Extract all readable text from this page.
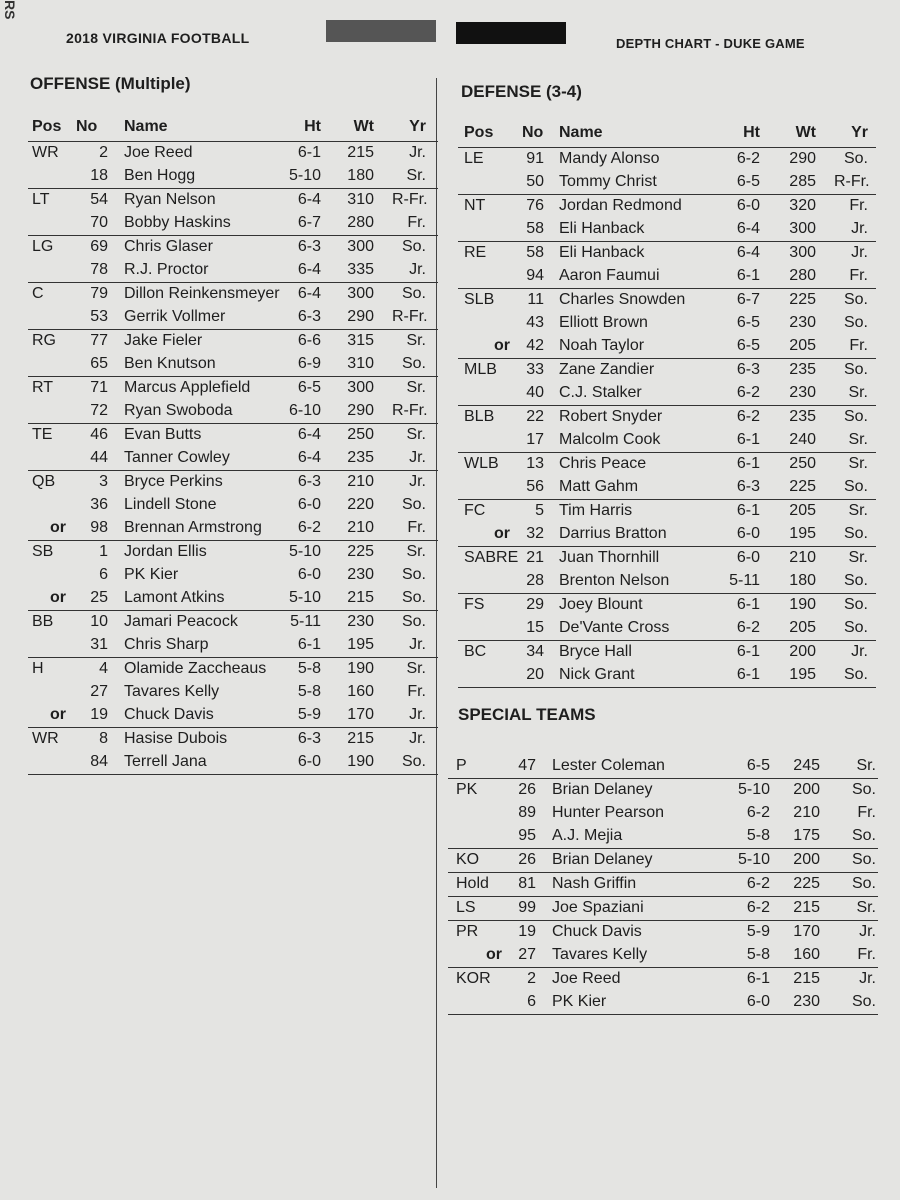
RS
2018 VIRGINIA FOOTBALL	DEPTH CHART - DUKE GAME
OFFENSE (Multiple)	DEFENSE (3-4)
SPECIAL TEAMS
Pos No Name	Ht	Wt	Yr
WR	2 Joe Reed	6-1	215	Jr.
18 Ben Hogg	5-10	180	Sr.
LT	54 Ryan Nelson	6-4	310 R-Fr.
70 Bobby Haskins	6-7	280	Fr.
LG	69 Chris Glaser	6-3	300	So.
78 R.J. Proctor	6-4	335	Jr.
C	79 Dillon Reinkensmeyer	6-4	300	So.
53 Gerrik Vollmer	6-3	290 R-Fr.
RG	77 Jake Fieler	6-6	315	Sr.
65 Ben Knutson	6-9	310	So.
RT	71 Marcus Applefield	6-5	300	Sr.
72 Ryan Swoboda	6-10	290 R-Fr.
TE	46 Evan Butts	6-4	250	Sr.
44 Tanner Cowley	6-4	235	Jr.
QB	3 Bryce Perkins	6-3	210	Jr.
36 Lindell Stone	6-0	220	So.
or	98 Brennan Armstrong	6-2	210	Fr.
SB	1 Jordan Ellis	5-10	225	Sr.
6 PK Kier	6-0	230	So.
or	25 Lamont Atkins	5-10	215	So.
BB	10 Jamari Peacock	5-11	230	So.
31 Chris Sharp	6-1	195	Jr.
H	4 Olamide Zaccheaus	5-8	190	Sr.
27 Tavares Kelly	5-8	160	Fr.
or	19 Chuck Davis	5-9	170	Jr.
WR	8 Hasise Dubois	6-3	215	Jr.
84 Terrell Jana	6-0	190	So.
Pos No Name	Ht	Wt	Yr
LE	91 Mandy Alonso	6-2	290	So.
50 Tommy Christ	6-5	285 R-Fr.
NT	76 Jordan Redmond	6-0	320	Fr.
58 Eli Hanback	6-4	300	Jr.
RE 58 Eli Hanback	6-4	300	Jr.
94 Aaron Faumui	6-1	280	Fr.
SLB	11 Charles Snowden	6-7	225	So.
43 Elliott Brown	6-5	230	So.
or 42 Noah Taylor	6-5	205	Fr.
MLB 33 Zane Zandier	6-3	235	So.
40 C.J. Stalker	6-2	230	Sr.
BLB 22 Robert Snyder	6-2	235	So.
17 Malcolm Cook	6-1	240	Sr.
WLB 13 Chris Peace	6-1	250	Sr.
56 Matt Gahm	6-3	225	So.
FC	5 Tim Harris	6-1	205	Sr.
or 32 Darrius Bratton	6-0	195	So.
SABRE 21 Juan Thornhill	6-0	210	Sr.
28 Brenton Nelson	5-11	180	So.
FS	29 Joey Blount	6-1	190	So.
15 De'Vante Cross	6-2	205	So.
BC 34 Bryce Hall	6-1	200	Jr.
20 Nick Grant	6-1	195	So.
P	47 Lester Coleman	6-5	245	Sr.
PK	26 Brian Delaney	5-10	200	So.
89 Hunter Pearson	6-2	210	Fr.
95 A.J. Mejia	5-8	175	So.
KO	26 Brian Delaney	5-10	200	So.
Hold	81 Nash Griffin	6-2	225	So.
LS	99 Joe Spaziani	6-2	215	Sr.
PR	19 Chuck Davis	5-9	170	Jr.
or	27 Tavares Kelly	5-8	160	Fr.
KOR	2 Joe Reed	6-1	215	Jr.
6 PK Kier	6-0	230	So.
